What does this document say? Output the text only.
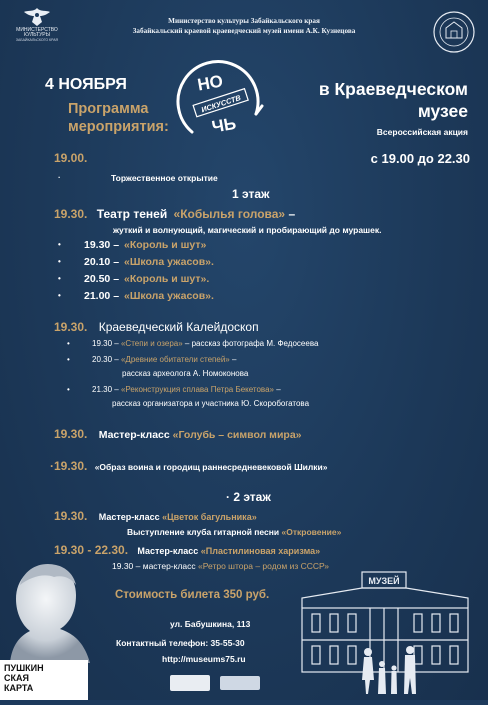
МИНИСТЕРСТВО
КУЛЬТУРЫ
ЗАБАЙКАЛЬСКОГО КРАЯ
Министерство культуры Забайкальского края
Забайкальский краевой краеведческий музей имени А.К. Кузнецова
НО
ИСКУССТВ
ЧЬ
4 НОЯБРЯ
Программа мероприятия:
в Краеведческом музее
Всероссийская акция
с 19.00 до 22.30
19.00.
·	Торжественное открытие
1 этаж
19.30. Театр теней «Кобылья голова» –
жуткий и волнующий, магический и пробирающий до мурашек.
• 19.30 – «Король и шут»
• 20.10 – «Школа ужасов».
• 20.50 – «Король и шут».
• 21.00 – «Школа ужасов».
19.30. Краеведческий Калейдоскоп
•	19.30 – «Степи и озера» – рассказ фотографа М. Федосеева
•	20.30 – «Древние обитатели степей» –
рассказ археолога А. Номоконова
•	21.30 – «Реконструкция сплава Петра Бекетова» –
рассказ организатора и участника Ю. Скоробогатова
19.30. Мастер-класс «Голубь – символ мира»
·19.30. «Образ воина и городищ раннесредневековой Шилки»
· 2 этаж
19.30. Мастер-класс «Цветок багульника»
Выступление клуба гитарной песни «Откровение»
19.30 - 22.30. Мастер-класс «Пластилиновая харизма»
19.30 – мастер-класс «Ретро штора – родом из СССР»
ПУШКИН
СКАЯ
КАРТА
Стоимость билета 350 руб.
ул. Бабушкина, 113
Контактный телефон: 35-55-30
http://museums75.ru
МУЗЕЙ
